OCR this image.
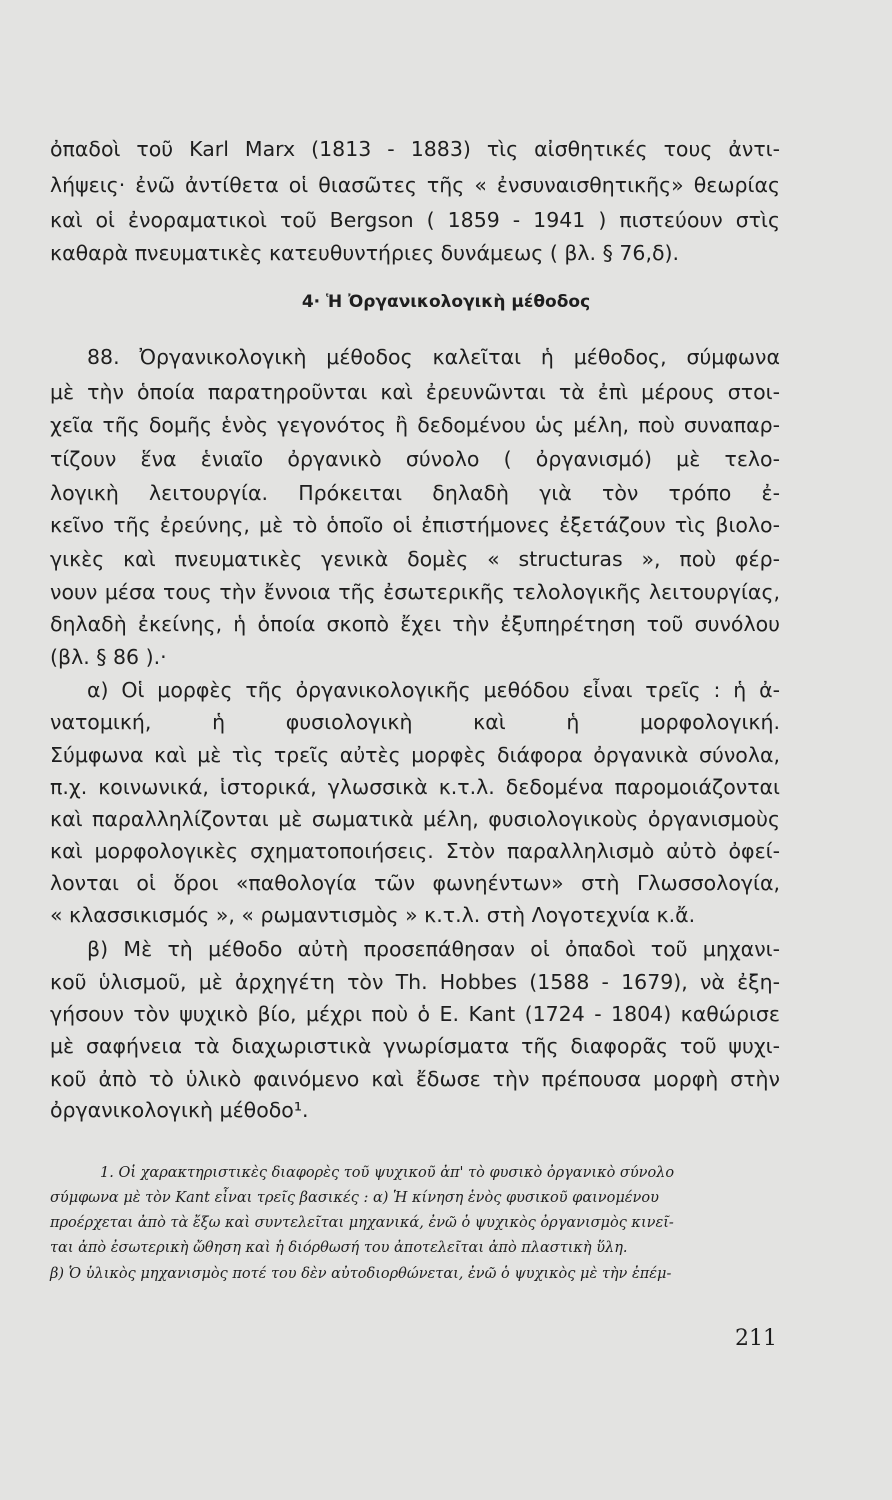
ὀπαδοὶ τοῦ Karl Marx (1813 - 1883) τὶς αἰσθητικές τους ἀντι-
λήψεις· ἐνῶ ἀντίθετα οἱ θιασῶτες τῆς « ἐνσυναισθητικῆς» θεωρίας
καὶ οἱ ἐνοραματικοὶ τοῦ Bergson ( 1859 - 1941 ) πιστεύουν στὶς
καθαρὰ πνευματικὲς κατευθυντήριες δυνάμεως ( βλ. § 76,δ).
4· Ἡ Ὀργανικολογικὴ μέθοδος
88. Ὀργανικολογικὴ μέθοδος καλεῖται ἡ μέθοδος, σύμφωνα
μὲ τὴν ὁποία παρατηροῦνται καὶ ἐρευνῶνται τὰ ἐπὶ μέρους στοι-
χεῖα τῆς δομῆς ἑνὸς γεγονότος ἢ δεδομένου ὡς μέλη, ποὺ συναπαρ-
τίζουν ἕνα ἑνιαῖο ὀργανικὸ σύνολο ( ὀργανισμό) μὲ τελο-
λογικὴ λειτουργία. Πρόκειται δηλαδὴ γιὰ τὸν τρόπο ἐ-
κεῖνο τῆς ἐρεύνης, μὲ τὸ ὁποῖο οἱ ἐπιστήμονες ἐξετάζουν τὶς βιολο-
γικὲς καὶ πνευματικὲς γενικὰ δομὲς « structuras », ποὺ φέρ-
νουν μέσα τους τὴν ἔννοια τῆς ἐσωτερικῆς τελολογικῆς λειτουργίας,
δηλαδὴ ἐκείνης, ἡ ὁποία σκοπὸ ἔχει τὴν ἐξυπηρέτηση τοῦ συνόλου
(βλ. § 86 ).·
α) Οἱ μορφὲς τῆς ὀργανικολογικῆς μεθόδου εἶναι τρεῖς : ἡ ἀ-
νατομική, ἡ φυσιολογικὴ καὶ ἡ μορφολογική.
Σύμφωνα καὶ μὲ τὶς τρεῖς αὐτὲς μορφὲς διάφορα ὀργανικὰ σύνολα,
π.χ. κοινωνικά, ἱστορικά, γλωσσικὰ κ.τ.λ. δεδομένα παρομοιάζονται
καὶ παραλληλίζονται μὲ σωματικὰ μέλη, φυσιολογικοὺς ὀργανισμοὺς
καὶ μορφολογικὲς σχηματοποιήσεις. Στὸν παραλληλισμὸ αὐτὸ ὀφεί-
λονται οἱ ὅροι «παθολογία τῶν φωνηέντων» στὴ Γλωσσολογία,
« κλασσικισμός », « ρωμαντισμὸς » κ.τ.λ. στὴ Λογοτεχνία κ.ἄ.
β) Μὲ τὴ μέθοδο αὐτὴ προσεπάθησαν οἱ ὀπαδοὶ τοῦ μηχανι-
κοῦ ὑλισμοῦ, μὲ ἀρχηγέτη τὸν Th. Hobbes (1588 - 1679), νὰ ἐξη-
γήσουν τὸν ψυχικὸ βίο, μέχρι ποὺ ὁ E. Kant (1724 - 1804) καθώρισε
μὲ σαφήνεια τὰ διαχωριστικὰ γνωρίσματα τῆς διαφορᾶς τοῦ ψυχι-
κοῦ ἀπὸ τὸ ὑλικὸ φαινόμενο καὶ ἔδωσε τὴν πρέπουσα μορφὴ στὴν
ὀργανικολογικὴ μέθοδο¹.
1. Οἱ χαρακτηριστικὲς διαφορὲς τοῦ ψυχικοῦ ἀπ' τὸ φυσικὸ ὀργανικὸ σύνολο
σύμφωνα μὲ τὸν Kant εἶναι τρεῖς βασικές : α) Ἡ κίνηση ἑνὸς φυσικοῦ φαινομένου
προέρχεται ἀπὸ τὰ ἔξω καὶ συντελεῖται μηχανικά, ἐνῶ ὁ ψυχικὸς ὀργανισμὸς κινεῖ-
ται ἀπὸ ἐσωτερικὴ ὤθηση καὶ ἡ διόρθωσή του ἀποτελεῖται ἀπὸ πλαστικὴ ὕλη.
β) Ὁ ὑλικὸς μηχανισμὸς ποτέ του δὲν αὐτοδιορθώνεται, ἐνῶ ὁ ψυχικὸς μὲ τὴν ἐπέμ-
211
